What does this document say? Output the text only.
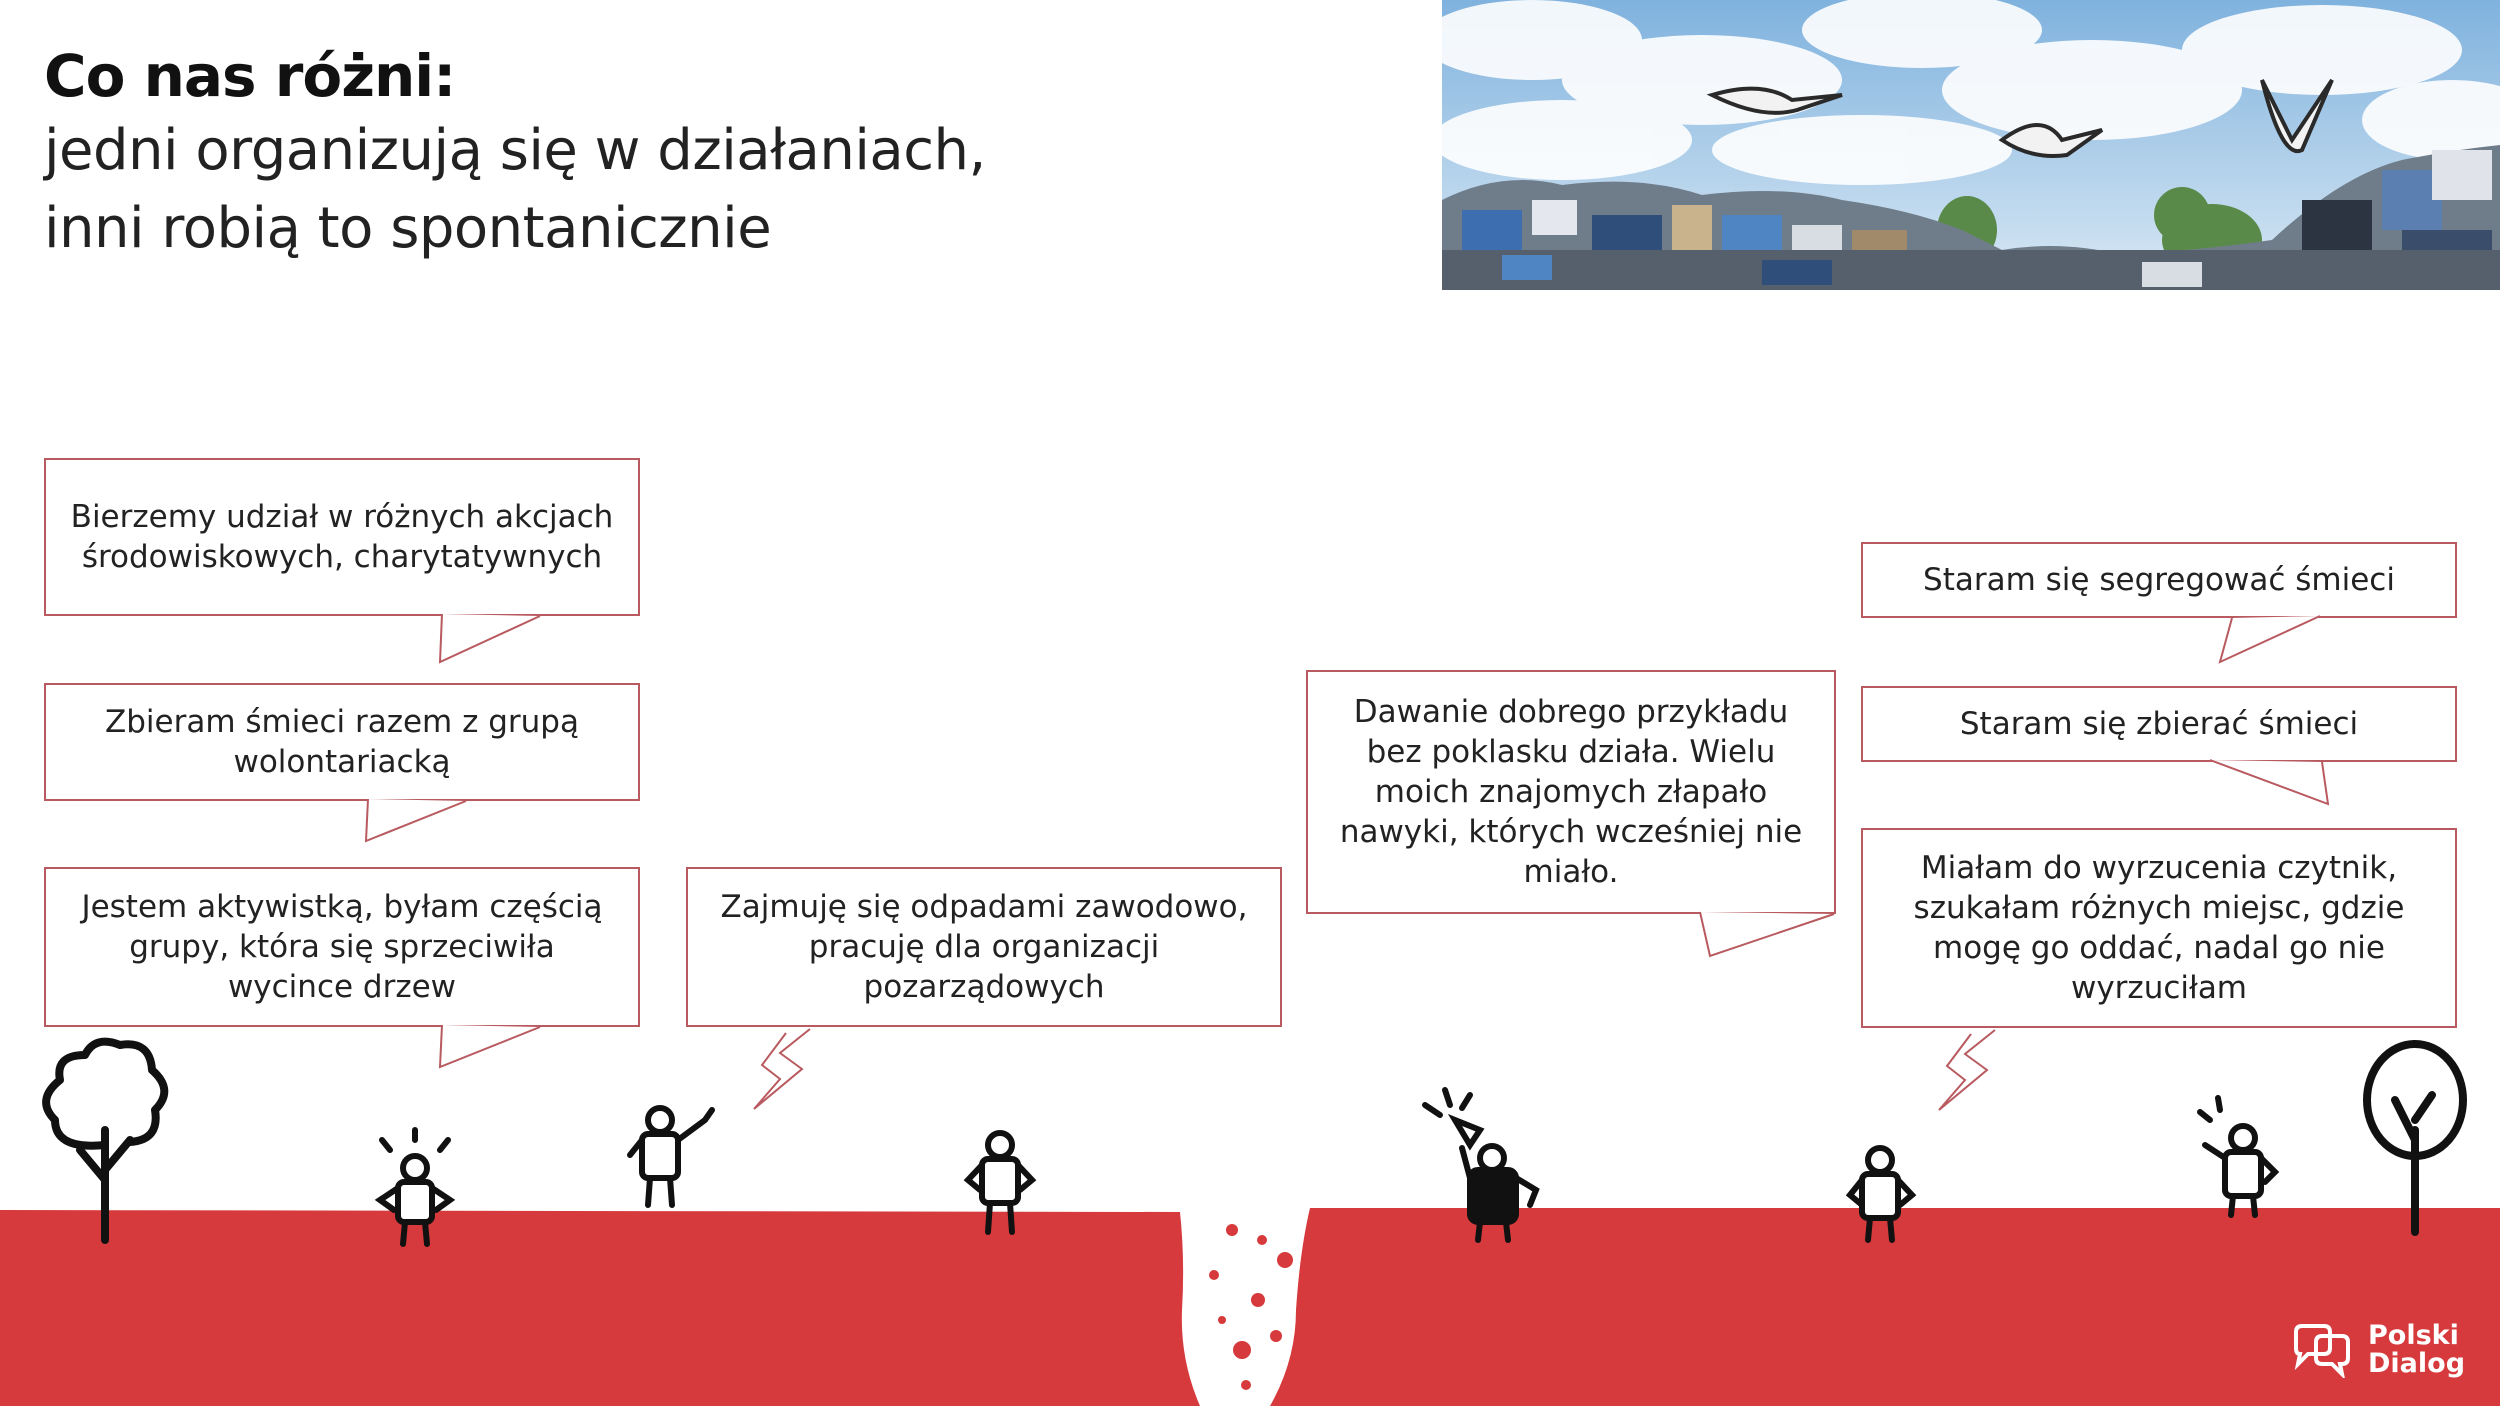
Co nas różni:
jedni organizują się w działaniach,
inni robią to spontanicznie
Bierzemy udział w różnych akcjach środowiskowych, charytatywnych
Zbieram śmieci razem z grupą wolontariacką
Jestem aktywistką, byłam częścią grupy, która się sprzeciwiła wycince drzew
Zajmuję się odpadami zawodowo, pracuję dla organizacji pozarządowych
Dawanie dobrego przykładu bez poklasku działa. Wielu moich znajomych złapało nawyki, których wcześniej nie miało.
Staram się segregować śmieci
Staram się zbierać śmieci
Miałam do wyrzucenia czytnik, szukałam różnych miejsc, gdzie mogę go oddać, nadal go nie wyrzuciłam
Polski
Dialog
